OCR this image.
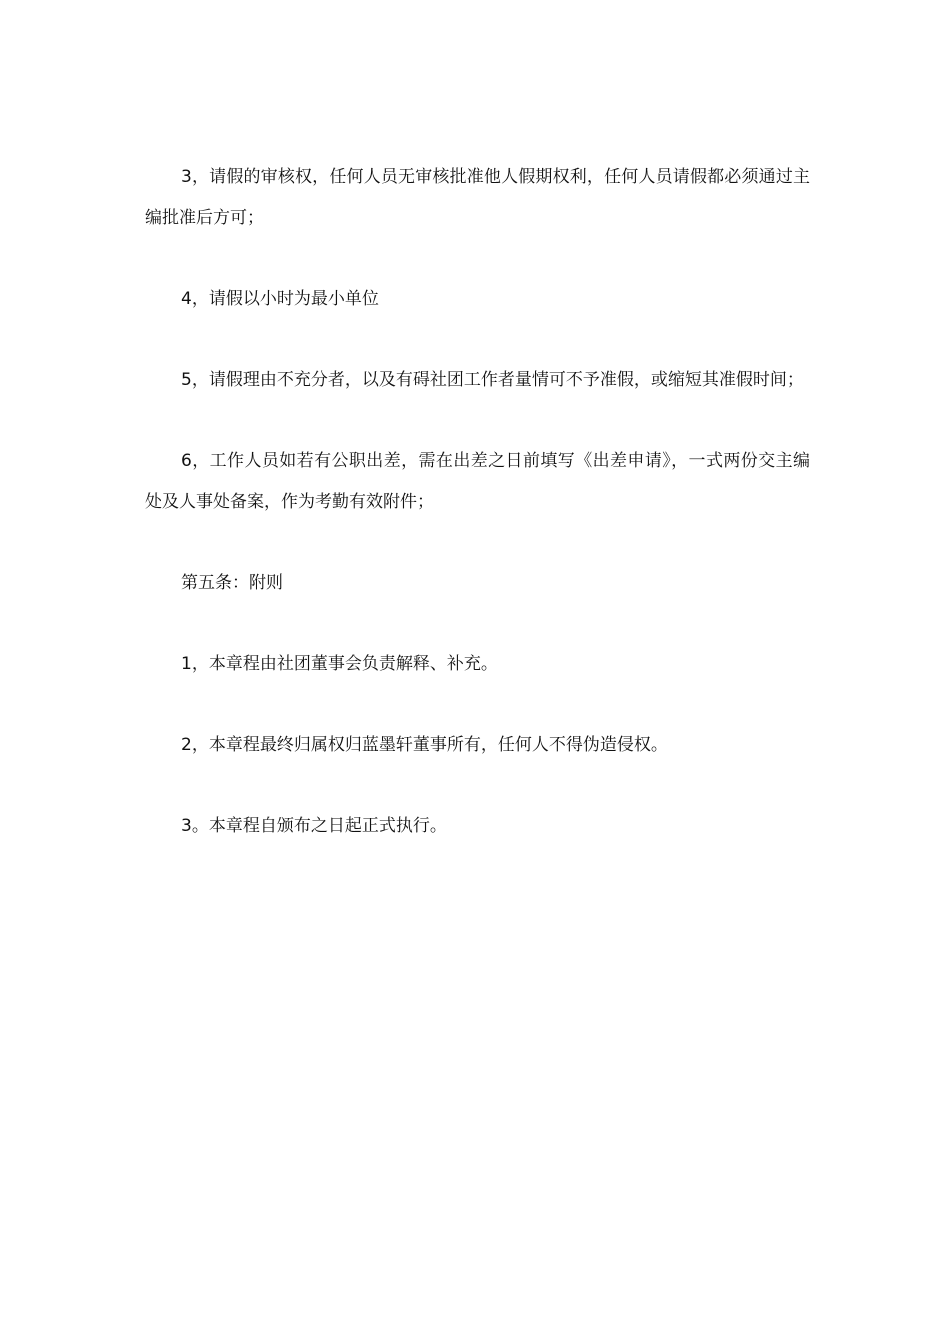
3，请假的审核权，任何人员无审核批准他人假期权利，任何人员请假都必须通过主编批准后方可；

4，请假以小时为最小单位

5，请假理由不充分者，以及有碍社团工作者量情可不予准假，或缩短其准假时间；

6，工作人员如若有公职出差，需在出差之日前填写《出差申请》，一式两份交主编处及人事处备案，作为考勤有效附件；

第五条：附则

1，本章程由社团董事会负责解释、补充。

2，本章程最终归属权归蓝墨轩董事所有，任何人不得伪造侵权。

3。本章程自颁布之日起正式执行。
